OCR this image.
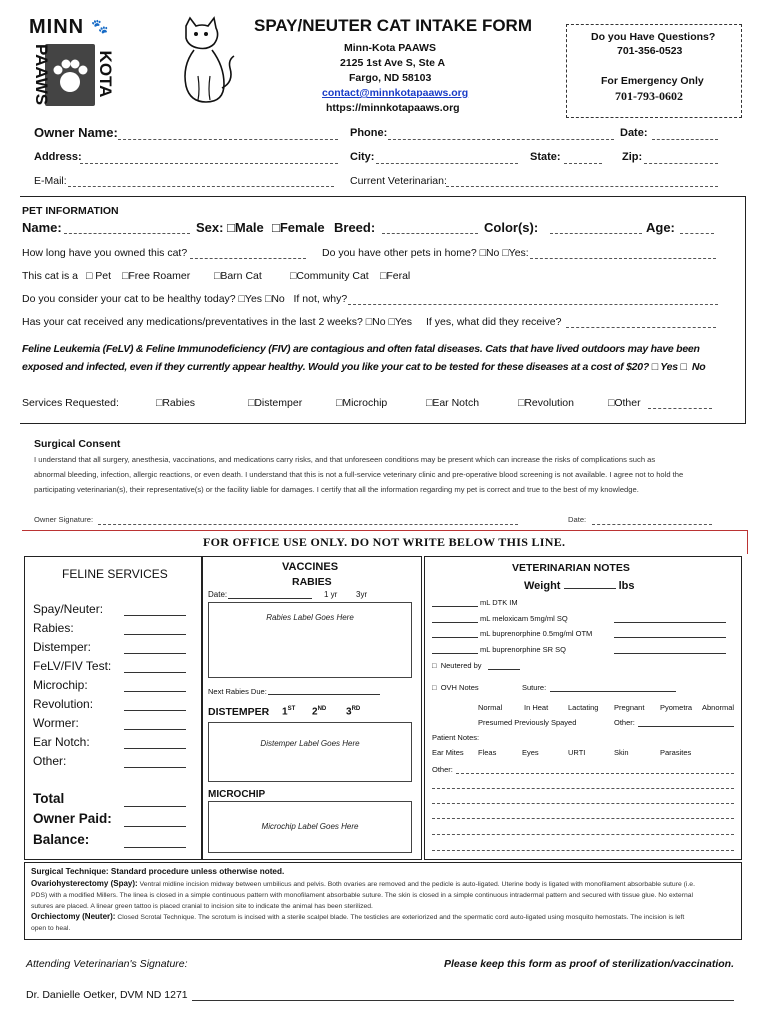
MINN 🐾
PAAWS	KOTA
SPAY/NEUTER CAT INTAKE FORM
Minn-Kota PAAWS
2125 1st Ave S, Ste A
Fargo, ND 58103
contact@minnkotapaaws.org
https://minnkotapaaws.org
Do you Have Questions?
701-356-0523
For Emergency Only
701-793-0602
Owner Name:	Phone:	Date:
Address:	City:	State:	Zip:
E-Mail:	Current Veterinarian:
PET INFORMATION
Name:	Sex: □Male □Female Breed:	Color(s):	Age:
How long have you owned this cat?	Do you have other pets in home? □No □Yes:
This cat is a □ Pet □Free Roamer □Barn Cat	□Community Cat □Feral
Do you consider your cat to be healthy today? □Yes □No If not, why?
Has your cat received any medications/preventatives in the last 2 weeks? □No □Yes If yes, what did they receive?
Feline Leukemia (FeLV) & Feline Immunodeficiency (FIV) are contagious and often fatal diseases. Cats that have lived outdoors may have been
exposed and infected, even if they currently appear healthy. Would you like your cat to be tested for these diseases at a cost of $20? □ Yes □  No
Services Requested:	□Rabies	□Distemper	□Microchip	□Ear Notch	□Revolution	□Other
Surgical Consent
I understand that all surgery, anesthesia, vaccinations, and medications carry risks, and that unforeseen conditions may be present which can increase the risks of complications such as
abnormal bleeding, infection, allergic reactions, or even death. I understand that this is not a full-service veterinary clinic and pre-operative blood screening is not available. I agree not to hold the
participating veterinarian(s), their representative(s) or the facility liable for damages. I certify that all the information regarding my pet is correct and true to the best of my knowledge.
Owner Signature:	Date:
FOR OFFICE USE ONLY. DO NOT WRITE BELOW THIS LINE.
FELINE SERVICES
Spay/Neuter:
Rabies:
Distemper:
FeLV/FIV Test:
Microchip:
Revolution:
Wormer:
Ear Notch:
Other:
Total
Owner Paid:
Balance:
VACCINES
RABIES
Date:	1 yr 3yr
Rabies Label Goes Here
Next Rabies Due:
DISTEMPER 1ST 2ND 3RD
Distemper Label Goes Here
MICROCHIP
Microchip Label Goes Here
VETERINARIAN NOTES
Weight	lbs
mL DTK IM
mL meloxicam 5mg/ml SQ
mL buprenorphine 0.5mg/ml OTM
mL buprenorphine SR SQ
□  Neutered by
□  OVH Notes	Suture:
Normal	In Heat	Lactating Pregnant Pyometra Abnormal
Presumed Previously Spayed	Other:
Patient Notes:
Ear Mites Fleas	Eyes	URTI	Skin	Parasites
Other:
Surgical Technique: Standard procedure unless otherwise noted.
Ovariohysterectomy (Spay): Ventral midline incision midway between umbilicus and pelvis. Both ovaries are removed and the pedicle is auto-ligated. Uterine body is ligated with monofilament absorbable suture (i.e.
PDS) with a modified Millers. The linea is closed in a simple continuous pattern with monofilament absorbable suture. The skin is closed in a simple continuous intradermal pattern and secured with tissue glue. No external
sutures are placed. A linear green tattoo is placed cranial to incision site to indicate the animal has been sterilized.
Orchiectomy (Neuter): Closed Scrotal Technique. The scrotum is incised with a sterile scalpel blade. The testicles are exteriorized and the spermatic cord auto-ligated using mosquito hemostats. The incision is left
open to heal.
Attending Veterinarian's Signature:	Please keep this form as proof of sterilization/vaccination.
Dr. Danielle Oetker, DVM ND 1271
